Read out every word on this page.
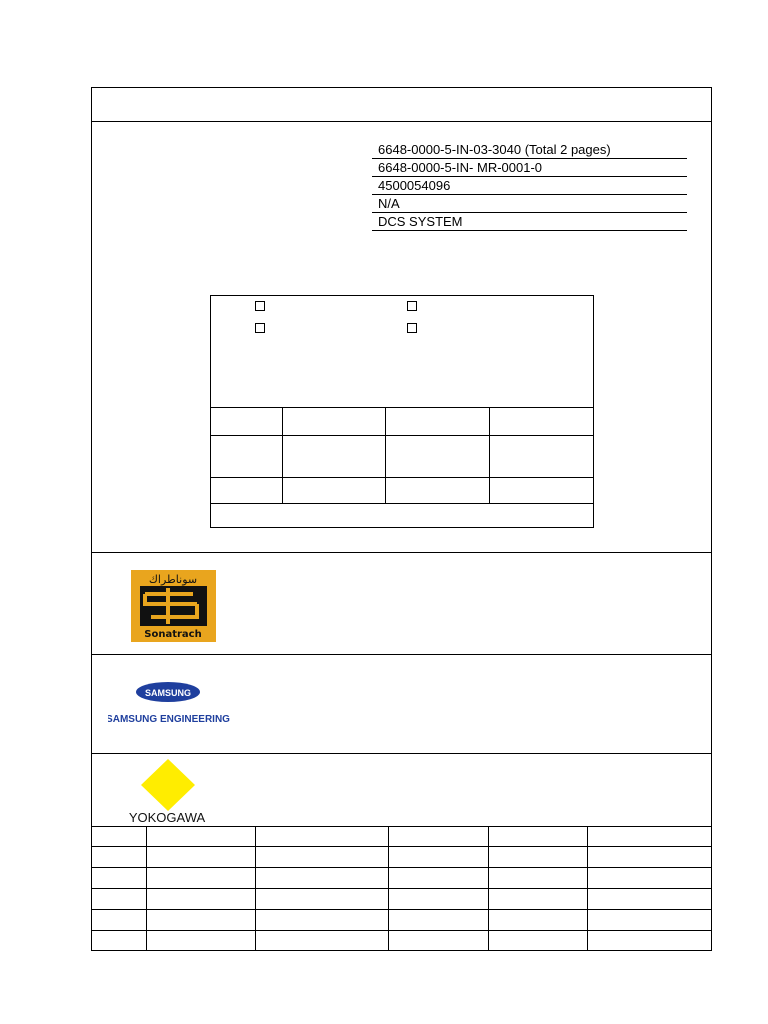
6648-0000-5-IN-03-3040 (Total 2 pages)
6648-0000-5-IN- MR-0001-0
4500054096
N/A
DCS SYSTEM
سوناطراك
Sonatrach
SAMSUNG
SAMSUNG ENGINEERING
YOKOGAWA
